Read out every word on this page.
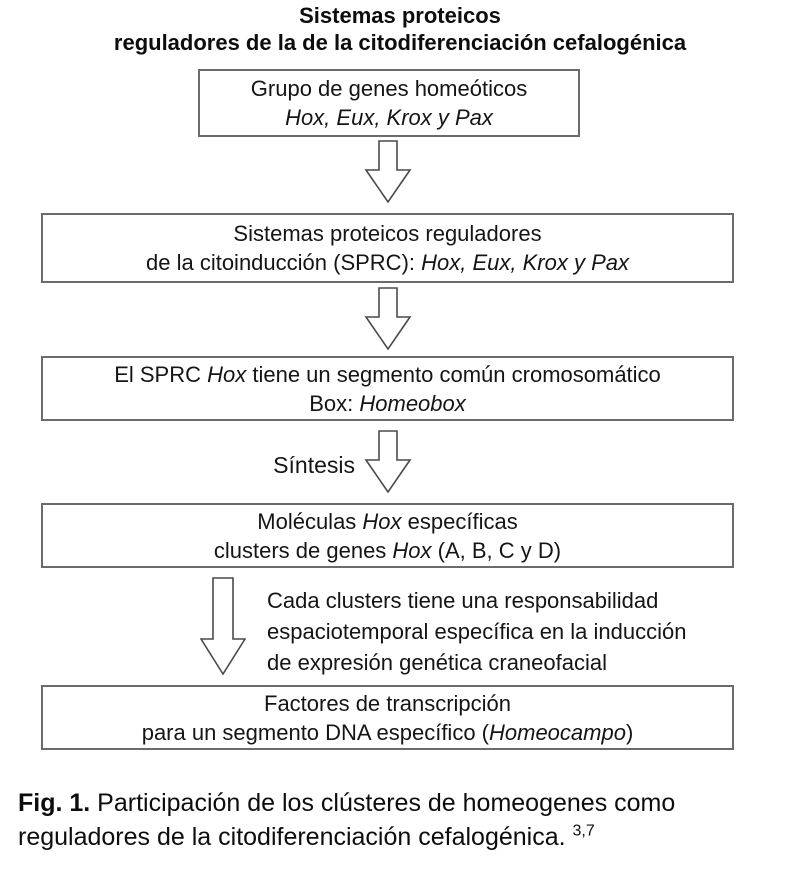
Sistemas proteicos
reguladores de la de la citodiferenciación cefalogénica
Grupo de genes homeóticos
Hox, Eux, Krox y Pax
Sistemas proteicos reguladores
de la citoinducción (SPRC): Hox, Eux, Krox y Pax
El SPRC Hox tiene un segmento común cromosomático
Box: Homeobox
Síntesis
Moléculas Hox específicas
clusters de genes Hox (A, B, C y D)
Cada clusters tiene una responsabilidad
espaciotemporal específica en la inducción
de expresión genética craneofacial
Factores de transcripción
para un segmento DNA específico (Homeocampo)
Fig. 1. Participación de los clústeres de homeogenes como reguladores de la citodiferenciación cefalogénica. $^{3,7}$
